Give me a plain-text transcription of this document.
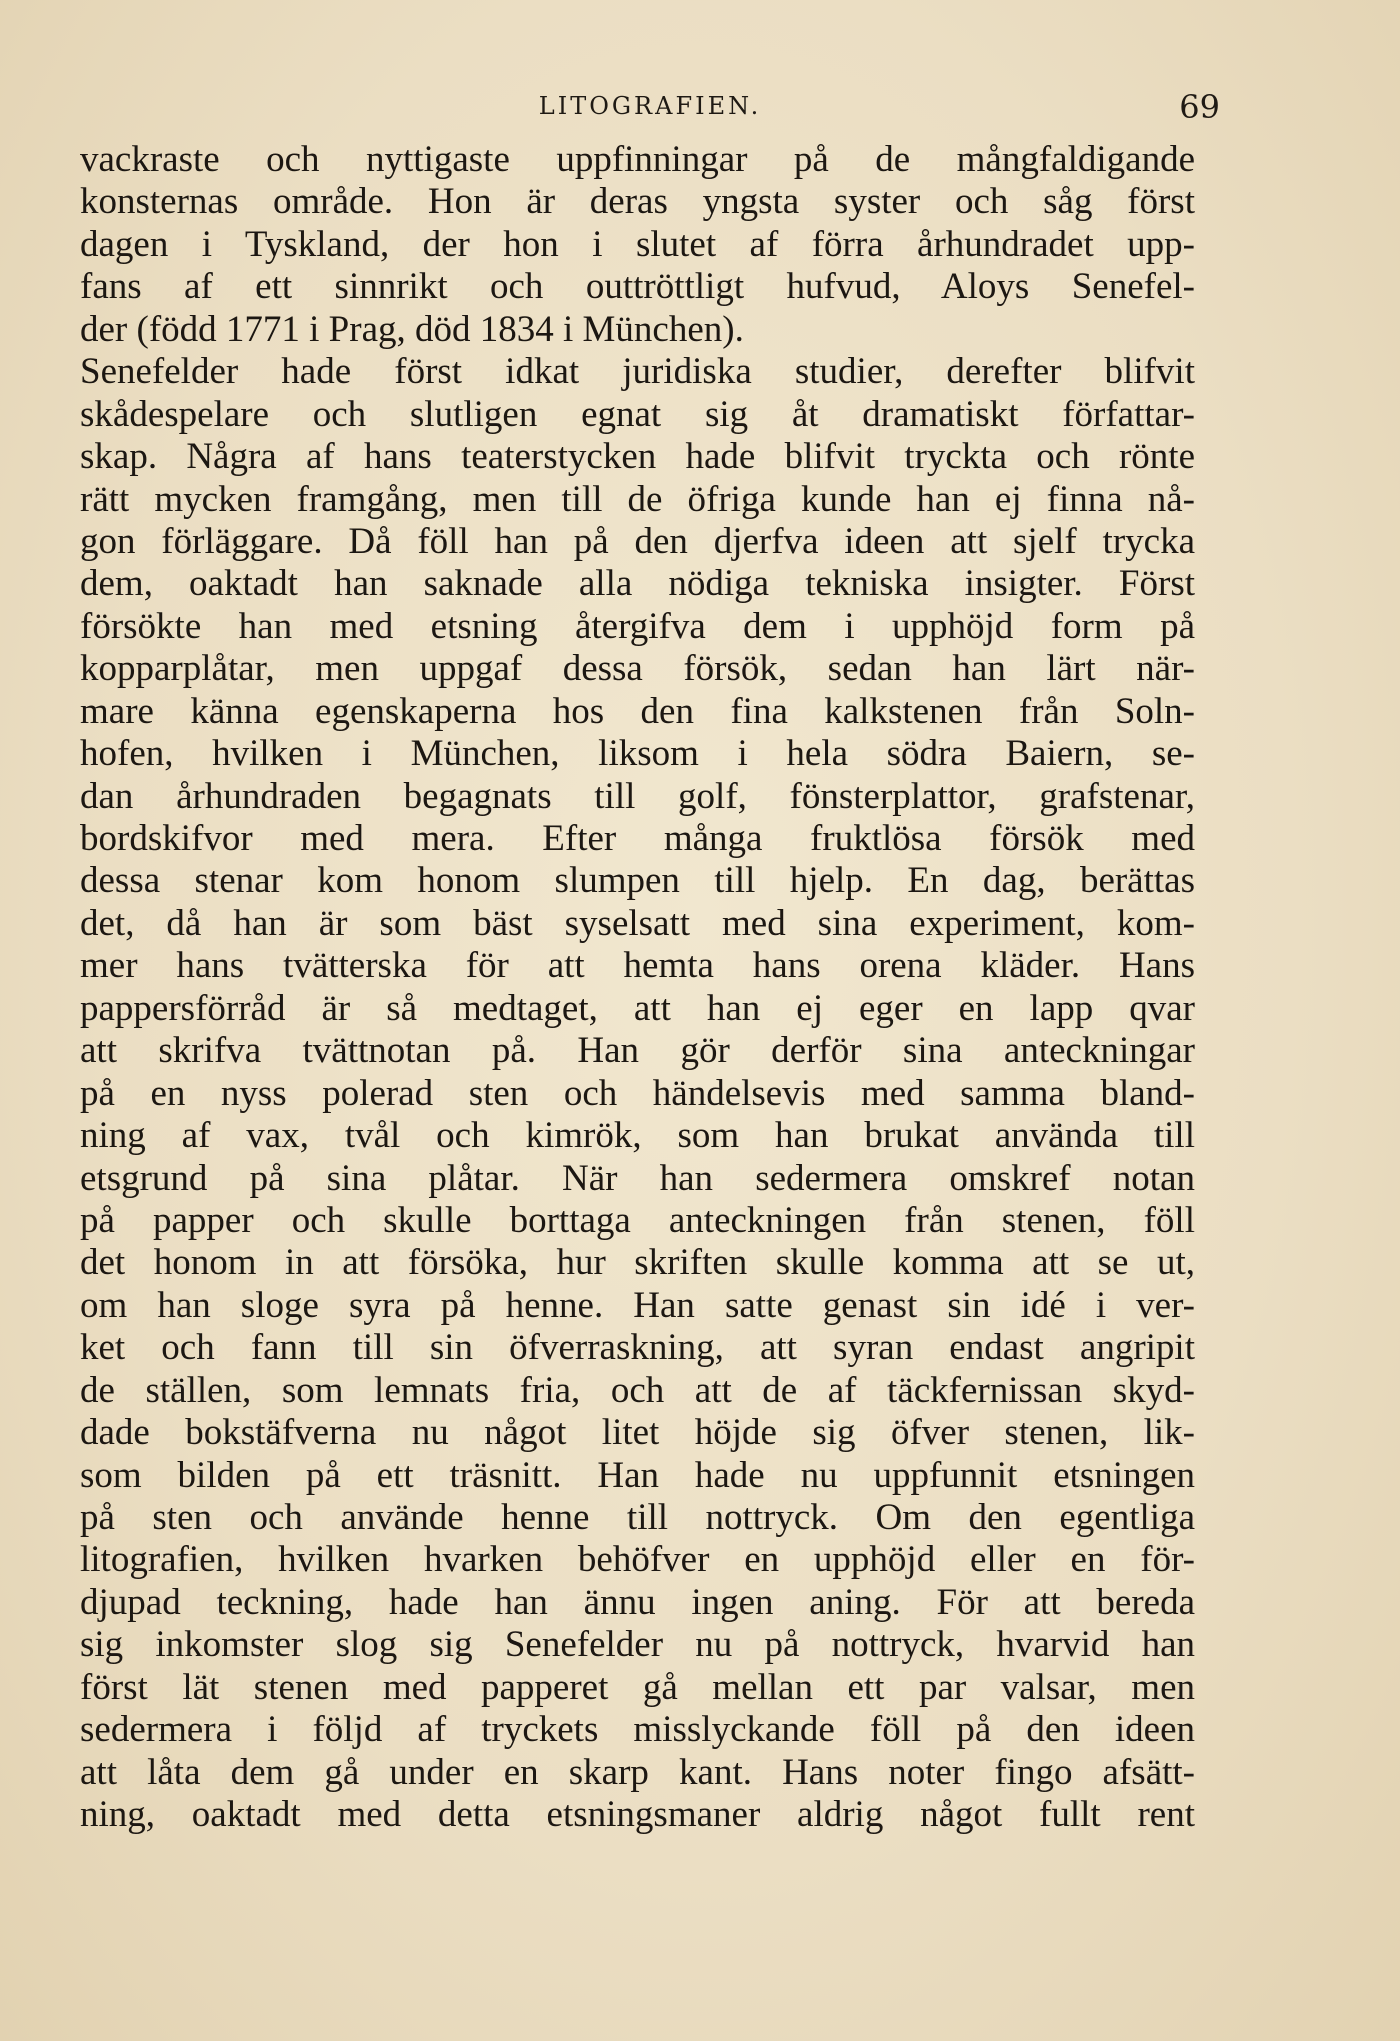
LITOGRAFIEN.	69
vackraste och nyttigaste uppfinningar på de mångfaldigande
konsternas område. Hon är deras yngsta syster och såg först
dagen i Tyskland, der hon i slutet af förra århundradet upp-
fans af ett sinnrikt och outtröttligt hufvud, Aloys Senefel-
der (född 1771 i Prag, död 1834 i München).
Senefelder hade först idkat juridiska studier, derefter blifvit
skådespelare och slutligen egnat sig åt dramatiskt författar-
skap. Några af hans teaterstycken hade blifvit tryckta och rönte
rätt mycken framgång, men till de öfriga kunde han ej finna nå-
gon förläggare. Då föll han på den djerfva ideen att sjelf trycka
dem, oaktadt han saknade alla nödiga tekniska insigter. Först
försökte han med etsning återgifva dem i upphöjd form på
kopparplåtar, men uppgaf dessa försök, sedan han lärt när-
mare känna egenskaperna hos den fina kalkstenen från Soln-
hofen, hvilken i München, liksom i hela södra Baiern, se-
dan århundraden begagnats till golf, fönsterplattor, grafstenar,
bordskifvor med mera. Efter många fruktlösa försök med
dessa stenar kom honom slumpen till hjelp. En dag, berättas
det, då han är som bäst syselsatt med sina experiment, kom-
mer hans tvätterska för att hemta hans orena kläder. Hans
pappersförråd är så medtaget, att han ej eger en lapp qvar
att skrifva tvättnotan på. Han gör derför sina anteckningar
på en nyss polerad sten och händelsevis med samma bland-
ning af vax, tvål och kimrök, som han brukat använda till
etsgrund på sina plåtar. När han sedermera omskref notan
på papper och skulle borttaga anteckningen från stenen, föll
det honom in att försöka, hur skriften skulle komma att se ut,
om han sloge syra på henne. Han satte genast sin idé i ver-
ket och fann till sin öfverraskning, att syran endast angripit
de ställen, som lemnats fria, och att de af täckfernissan skyd-
dade bokstäfverna nu något litet höjde sig öfver stenen, lik-
som bilden på ett träsnitt. Han hade nu uppfunnit etsningen
på sten och använde henne till nottryck. Om den egentliga
litografien, hvilken hvarken behöfver en upphöjd eller en för-
djupad teckning, hade han ännu ingen aning. För att bereda
sig inkomster slog sig Senefelder nu på nottryck, hvarvid han
först lät stenen med papperet gå mellan ett par valsar, men
sedermera i följd af tryckets misslyckande föll på den ideen
att låta dem gå under en skarp kant. Hans noter fingo afsätt-
ning, oaktadt med detta etsningsmaner aldrig något fullt rent
